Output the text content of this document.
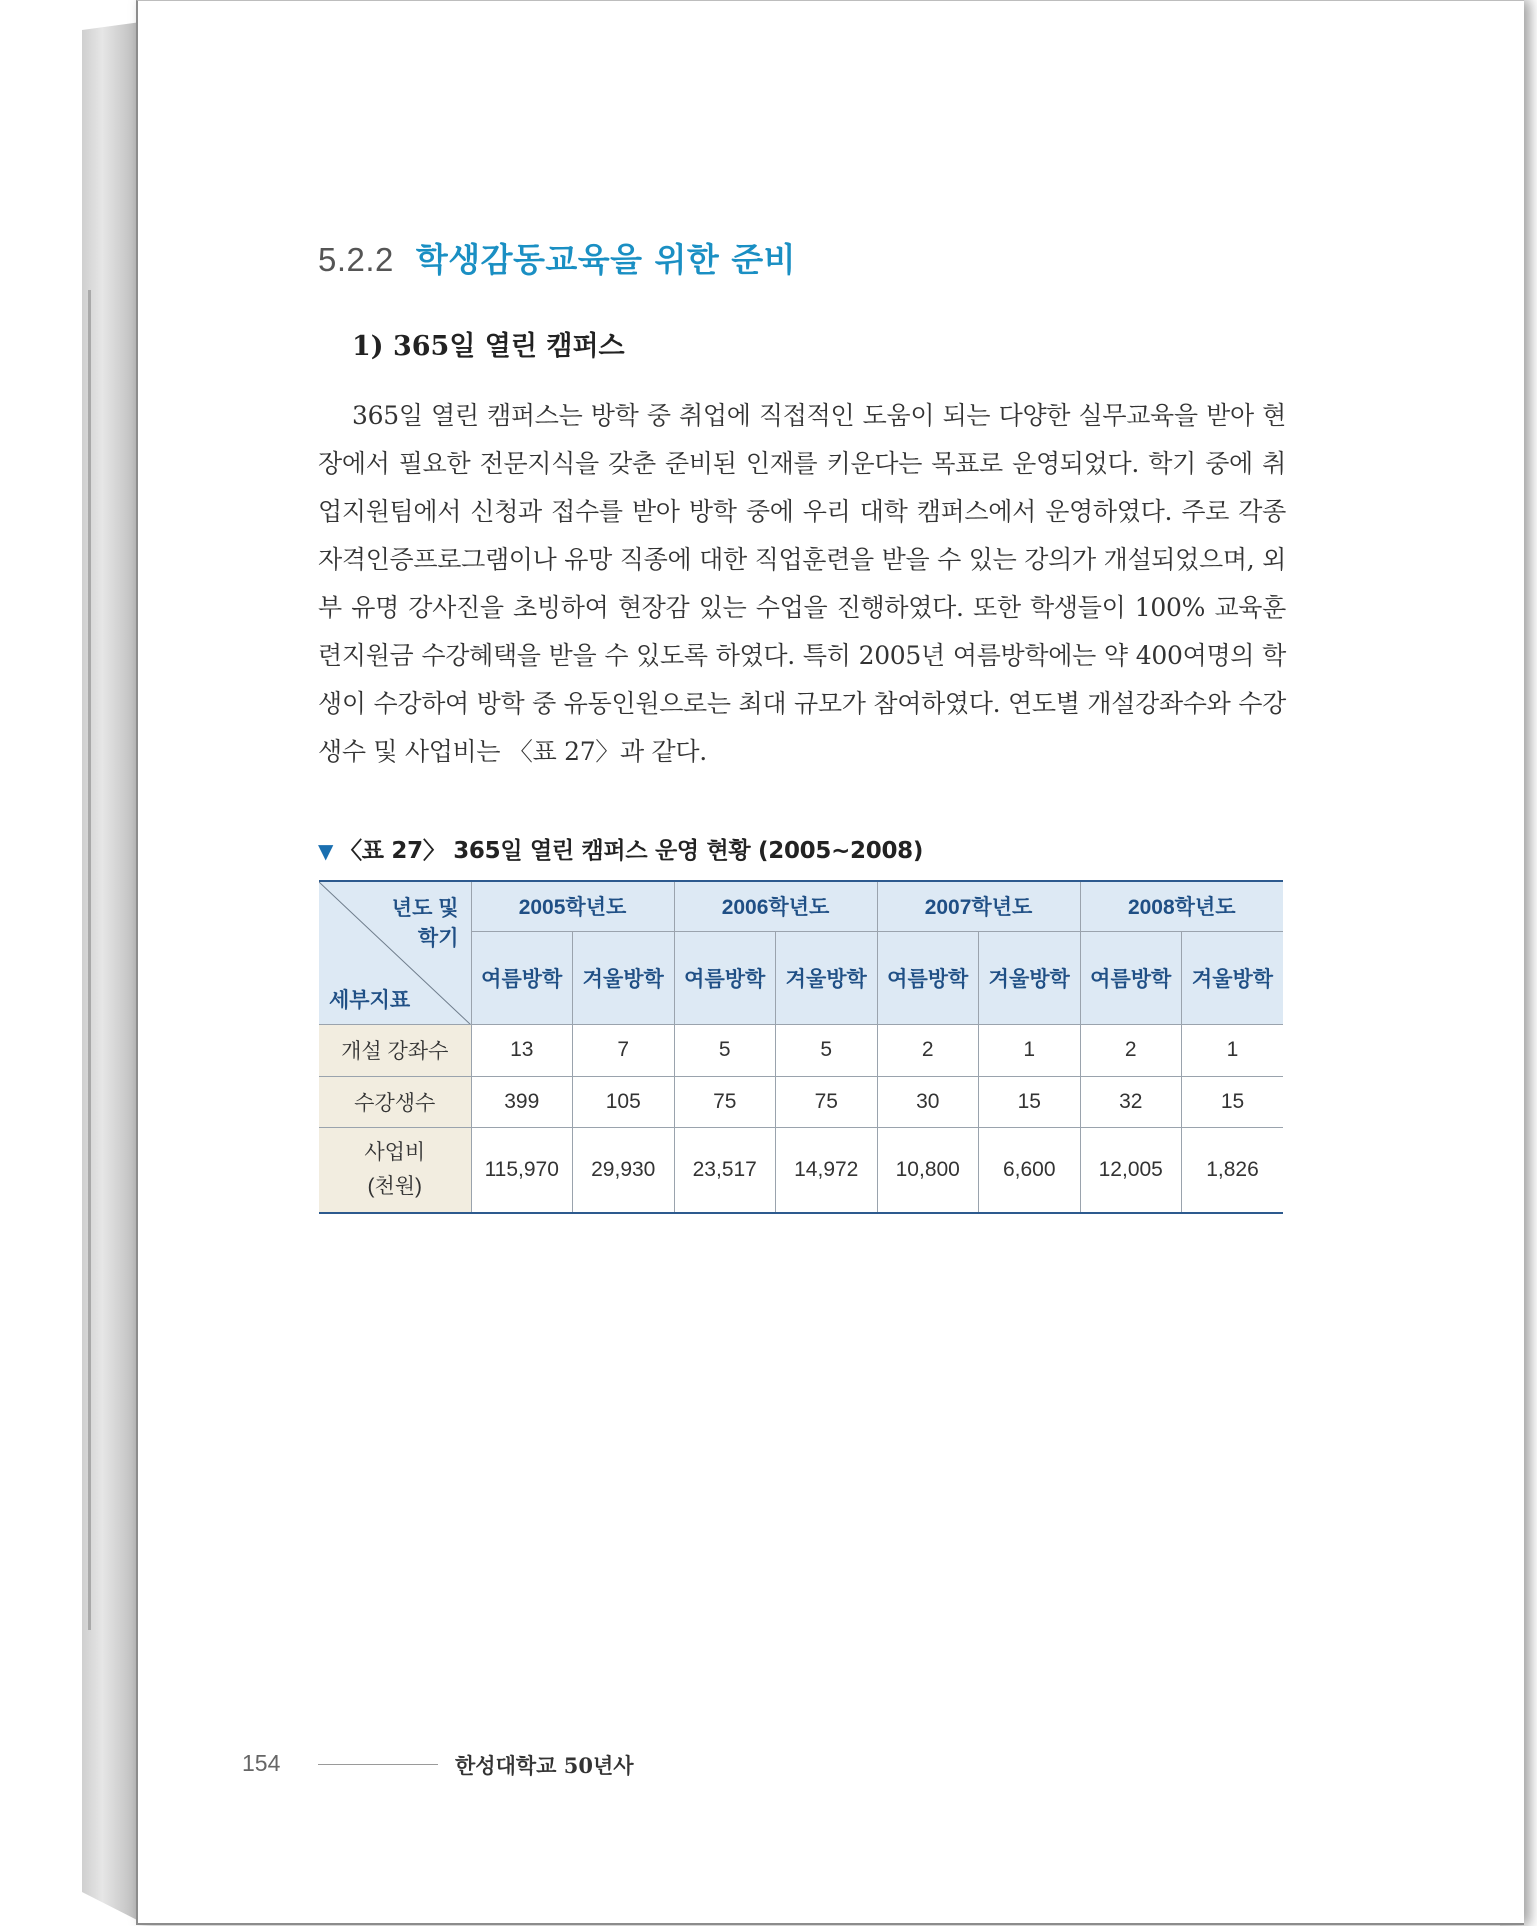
5.2.2 학생감동교육을 위한 준비
1) 365일 열린 캠퍼스
365일 열린 캠퍼스는 방학 중 취업에 직접적인 도움이 되는 다양한 실무교육을 받아 현장에서 필요한 전문지식을 갖춘 준비된 인재를 키운다는 목표로 운영되었다. 학기 중에 취업지원팀에서 신청과 접수를 받아 방학 중에 우리 대학 캠퍼스에서 운영하였다. 주로 각종 자격인증프로그램이나 유망 직종에 대한 직업훈련을 받을 수 있는 강의가 개설되었으며, 외부 유명 강사진을 초빙하여 현장감 있는 수업을 진행하였다. 또한 학생들이 100% 교육훈련지원금 수강혜택을 받을 수 있도록 하였다. 특히 2005년 여름방학에는 약 400여명의 학생이 수강하여 방학 중 유동인원으로는 최대 규모가 참여하였다. 연도별 개설강좌수와 수강생수 및 사업비는 〈표 27〉과 같다.
▼ 〈표 27〉 365일 열린 캠퍼스 운영 현황 (2005~2008)
년도 및
학기
세부지표	2005학년도		2006학년도		2007학년도		2008학년도	
	여름방학	겨울방학	여름방학	겨울방학	여름방학	겨울방학	여름방학	겨울방학
개설 강좌수	13	7	5	5	2	1	2	1
수강생수	399	105	75	75	30	15	32	15
사업비
(천원)	115,970	29,930	23,517	14,972	10,800	6,600	12,005	1,826
154	한성대학교 50년사
